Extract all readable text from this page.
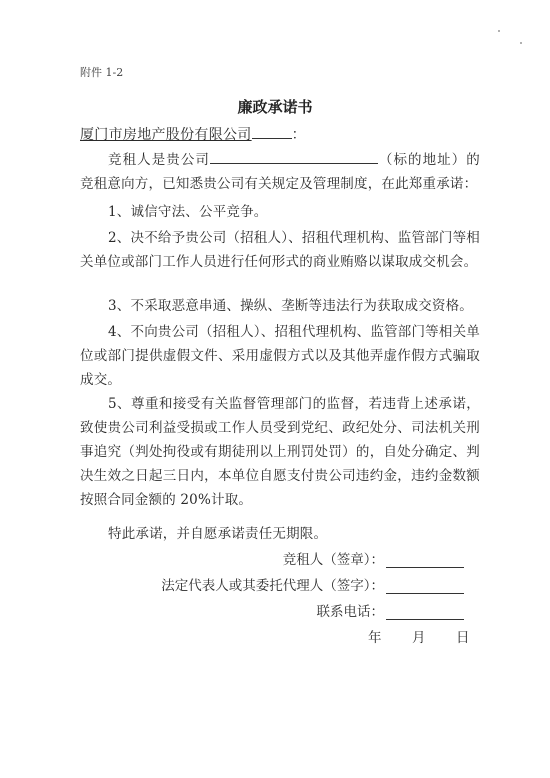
附件 1-2
廉政承诺书
厦门市房地产股份有限公司	：
竞租人是贵公司	（标的地址）的竞租意向方，已知悉贵公司有关规定及管理制度，在此郑重承诺：
1、诚信守法、公平竞争。
2、决不给予贵公司（招租人）、招租代理机构、监管部门等相关单位或部门工作人员进行任何形式的商业贿赂以谋取成交机会。
3、不采取恶意串通、操纵、垄断等违法行为获取成交资格。
4、不向贵公司（招租人）、招租代理机构、监管部门等相关单位或部门提供虚假文件、采用虚假方式以及其他弄虚作假方式骗取成交。
5、尊重和接受有关监督管理部门的监督，若违背上述承诺，致使贵公司利益受损或工作人员受到党纪、政纪处分、司法机关刑事追究（判处拘役或有期徒刑以上刑罚处罚）的，自处分确定、判决生效之日起三日内，本单位自愿支付贵公司违约金，违约金数额按照合同金额的 20%计取。
特此承诺，并自愿承诺责任无期限。
竞租人（签章）：
法定代表人或其委托代理人（签字）：
联系电话：
年 月 日
